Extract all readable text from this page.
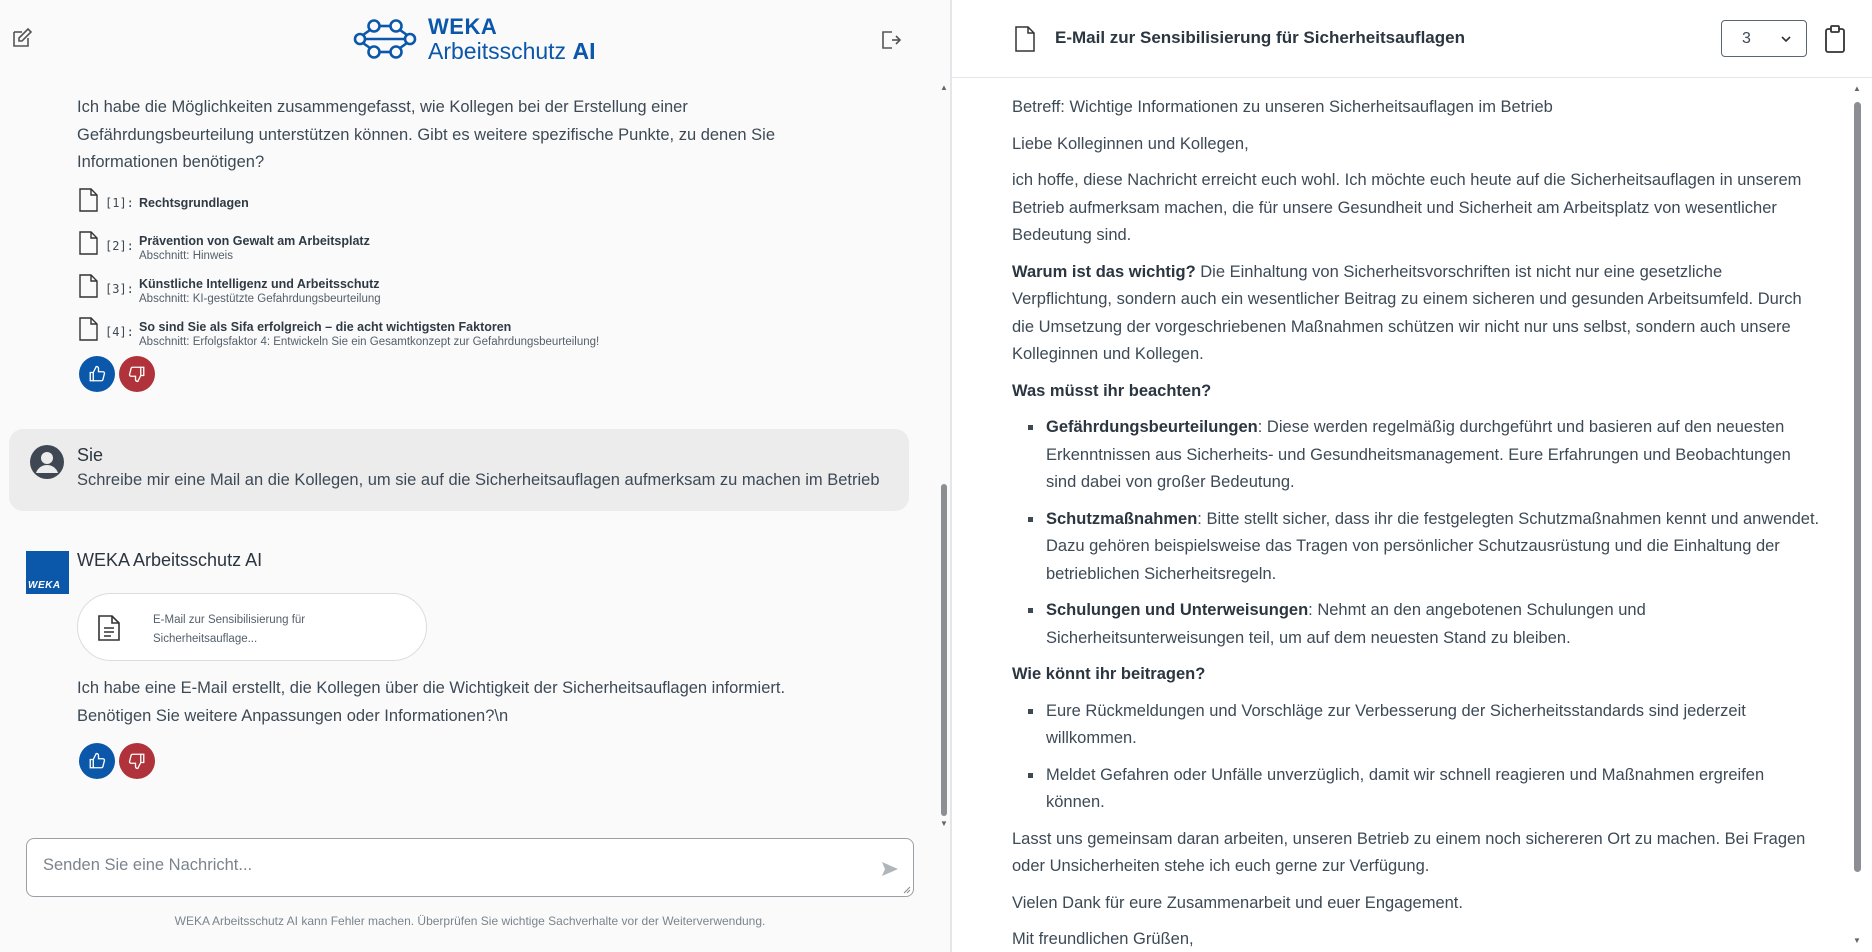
WEKA
Arbeitsschutz AI

Ich habe die Möglichkeiten zusammengefasst, wie Kollegen bei der Erstellung einer Gefährdungsbeurteilung unterstützen können. Gibt es weitere spezifische Punkte, zu denen Sie Informationen benötigen?

[1]: Rechtsgrundlagen
[2]: Prävention von Gewalt am Arbeitsplatz
Abschnitt: Hinweis
[3]: Künstliche Intelligenz und Arbeitsschutz
Abschnitt: KI-gestützte Gefahrdungsbeurteilung
[4]: So sind Sie als Sifa erfolgreich – die acht wichtigsten Faktoren
Abschnitt: Erfolgsfaktor 4: Entwickeln Sie ein Gesamtkonzept zur Gefahrdungsbeurteilung!
Sie
Schreibe mir eine Mail an die Kollegen, um sie auf die Sicherheitsauflagen aufmerksam zu machen im Betrieb
WEKA
WEKA Arbeitsschutz AI
E-Mail zur Sensibilisierung für Sicherheitsauflage...
Ich habe eine E-Mail erstellt, die Kollegen über die Wichtigkeit der Sicherheitsauflagen informiert.
Benötigen Sie weitere Anpassungen oder Informationen?\n
▲
▼
Senden Sie eine Nachricht...
WEKA Arbeitsschutz AI kann Fehler machen. Überprüfen Sie wichtige Sachverhalte vor der Weiterverwendung.
E-Mail zur Sensibilisierung für Sicherheitsauflagen	3

Betreff: Wichtige Informationen zu unseren Sicherheitsauflagen im Betrieb

Liebe Kolleginnen und Kollegen,

ich hoffe, diese Nachricht erreicht euch wohl. Ich möchte euch heute auf die Sicherheitsauflagen in unserem Betrieb aufmerksam machen, die für unsere Gesundheit und Sicherheit am Arbeitsplatz von wesentlicher Bedeutung sind.

Warum ist das wichtig? Die Einhaltung von Sicherheitsvorschriften ist nicht nur eine gesetzliche Verpflichtung, sondern auch ein wesentlicher Beitrag zu einem sicheren und gesunden Arbeitsumfeld. Durch die Umsetzung der vorgeschriebenen Maßnahmen schützen wir nicht nur uns selbst, sondern auch unsere Kolleginnen und Kollegen.

Was müsst ihr beachten?

Gefährdungsbeurteilungen: Diese werden regelmäßig durchgeführt und basieren auf den neuesten Erkenntnissen aus Sicherheits- und Gesundheitsmanagement. Eure Erfahrungen und Beobachtungen sind dabei von großer Bedeutung.
Schutzmaßnahmen: Bitte stellt sicher, dass ihr die festgelegten Schutzmaßnahmen kennt und anwendet. Dazu gehören beispielsweise das Tragen von persönlicher Schutzausrüstung und die Einhaltung der betrieblichen Sicherheitsregeln.
Schulungen und Unterweisungen: Nehmt an den angebotenen Schulungen und Sicherheitsunterweisungen teil, um auf dem neuesten Stand zu bleiben.

Wie könnt ihr beitragen?

Eure Rückmeldungen und Vorschläge zur Verbesserung der Sicherheitsstandards sind jederzeit willkommen.
Meldet Gefahren oder Unfälle unverzüglich, damit wir schnell reagieren und Maßnahmen ergreifen können.

Lasst uns gemeinsam daran arbeiten, unseren Betrieb zu einem noch sichereren Ort zu machen. Bei Fragen oder Unsicherheiten stehe ich euch gerne zur Verfügung.

Vielen Dank für eure Zusammenarbeit und euer Engagement.

Mit freundlichen Grüßen,

▲
▼
